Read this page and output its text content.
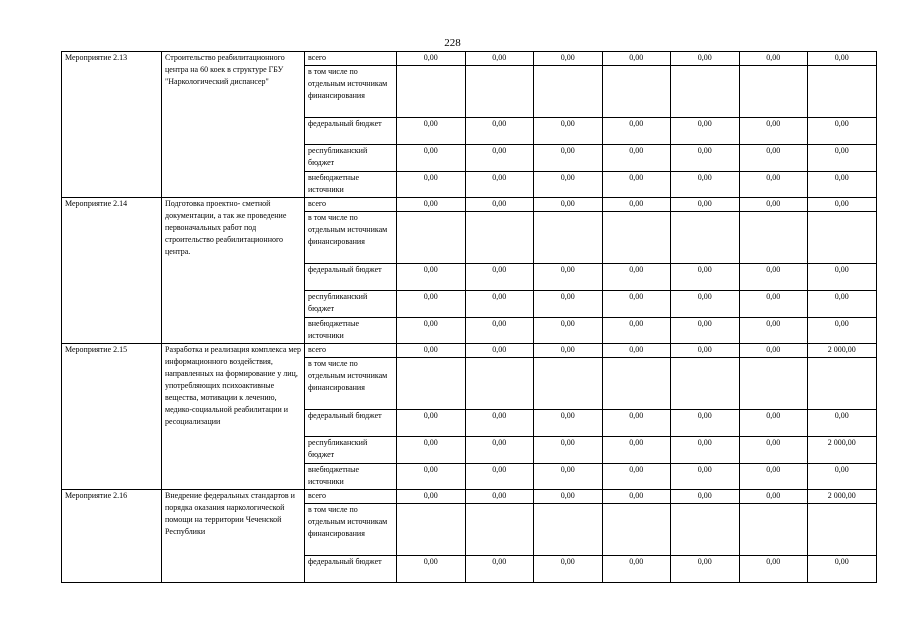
228
Мероприятие 2.13	Строительство реабилитационного центра на 60 коек в структуре ГБУ "Наркологический диспансер"	всего	0,00	0,00	0,00	0,00	0,00	0,00	0,00
		в том числе по отдельным источникам финансирования							
		федеральный бюджет	0,00	0,00	0,00	0,00	0,00	0,00	0,00
		республиканский бюджет	0,00	0,00	0,00	0,00	0,00	0,00	0,00
		внебюджетные источники	0,00	0,00	0,00	0,00	0,00	0,00	0,00
Мероприятие 2.14	Подготовка проектно- сметной документации, а так же проведение первоначальных работ под строительство реабилитационного центра.	всего	0,00	0,00	0,00	0,00	0,00	0,00	0,00
		в том числе по отдельным источникам финансирования							
		федеральный бюджет	0,00	0,00	0,00	0,00	0,00	0,00	0,00
		республиканский бюджет	0,00	0,00	0,00	0,00	0,00	0,00	0,00
		внебюджетные источники	0,00	0,00	0,00	0,00	0,00	0,00	0,00
Мероприятие 2.15	Разработка и реализация комплекса мер информационного воздействия, направленных на формирование у лиц, употребляющих психоактивные вещества, мотивации к лечению, медико-социальной реабилитации и ресоциализации	всего	0,00	0,00	0,00	0,00	0,00	0,00	2 000,00
		в том числе по отдельным источникам финансирования							
		федеральный бюджет	0,00	0,00	0,00	0,00	0,00	0,00	0,00
		республиканский бюджет	0,00	0,00	0,00	0,00	0,00	0,00	2 000,00
		внебюджетные источники	0,00	0,00	0,00	0,00	0,00	0,00	0,00
Мероприятие 2.16	Внедрение федеральных стандартов и порядка оказания наркологической помощи на территории Чеченской Республики	всего	0,00	0,00	0,00	0,00	0,00	0,00	2 000,00
		в том числе по отдельным источникам финансирования							
		федеральный бюджет	0,00	0,00	0,00	0,00	0,00	0,00	0,00
